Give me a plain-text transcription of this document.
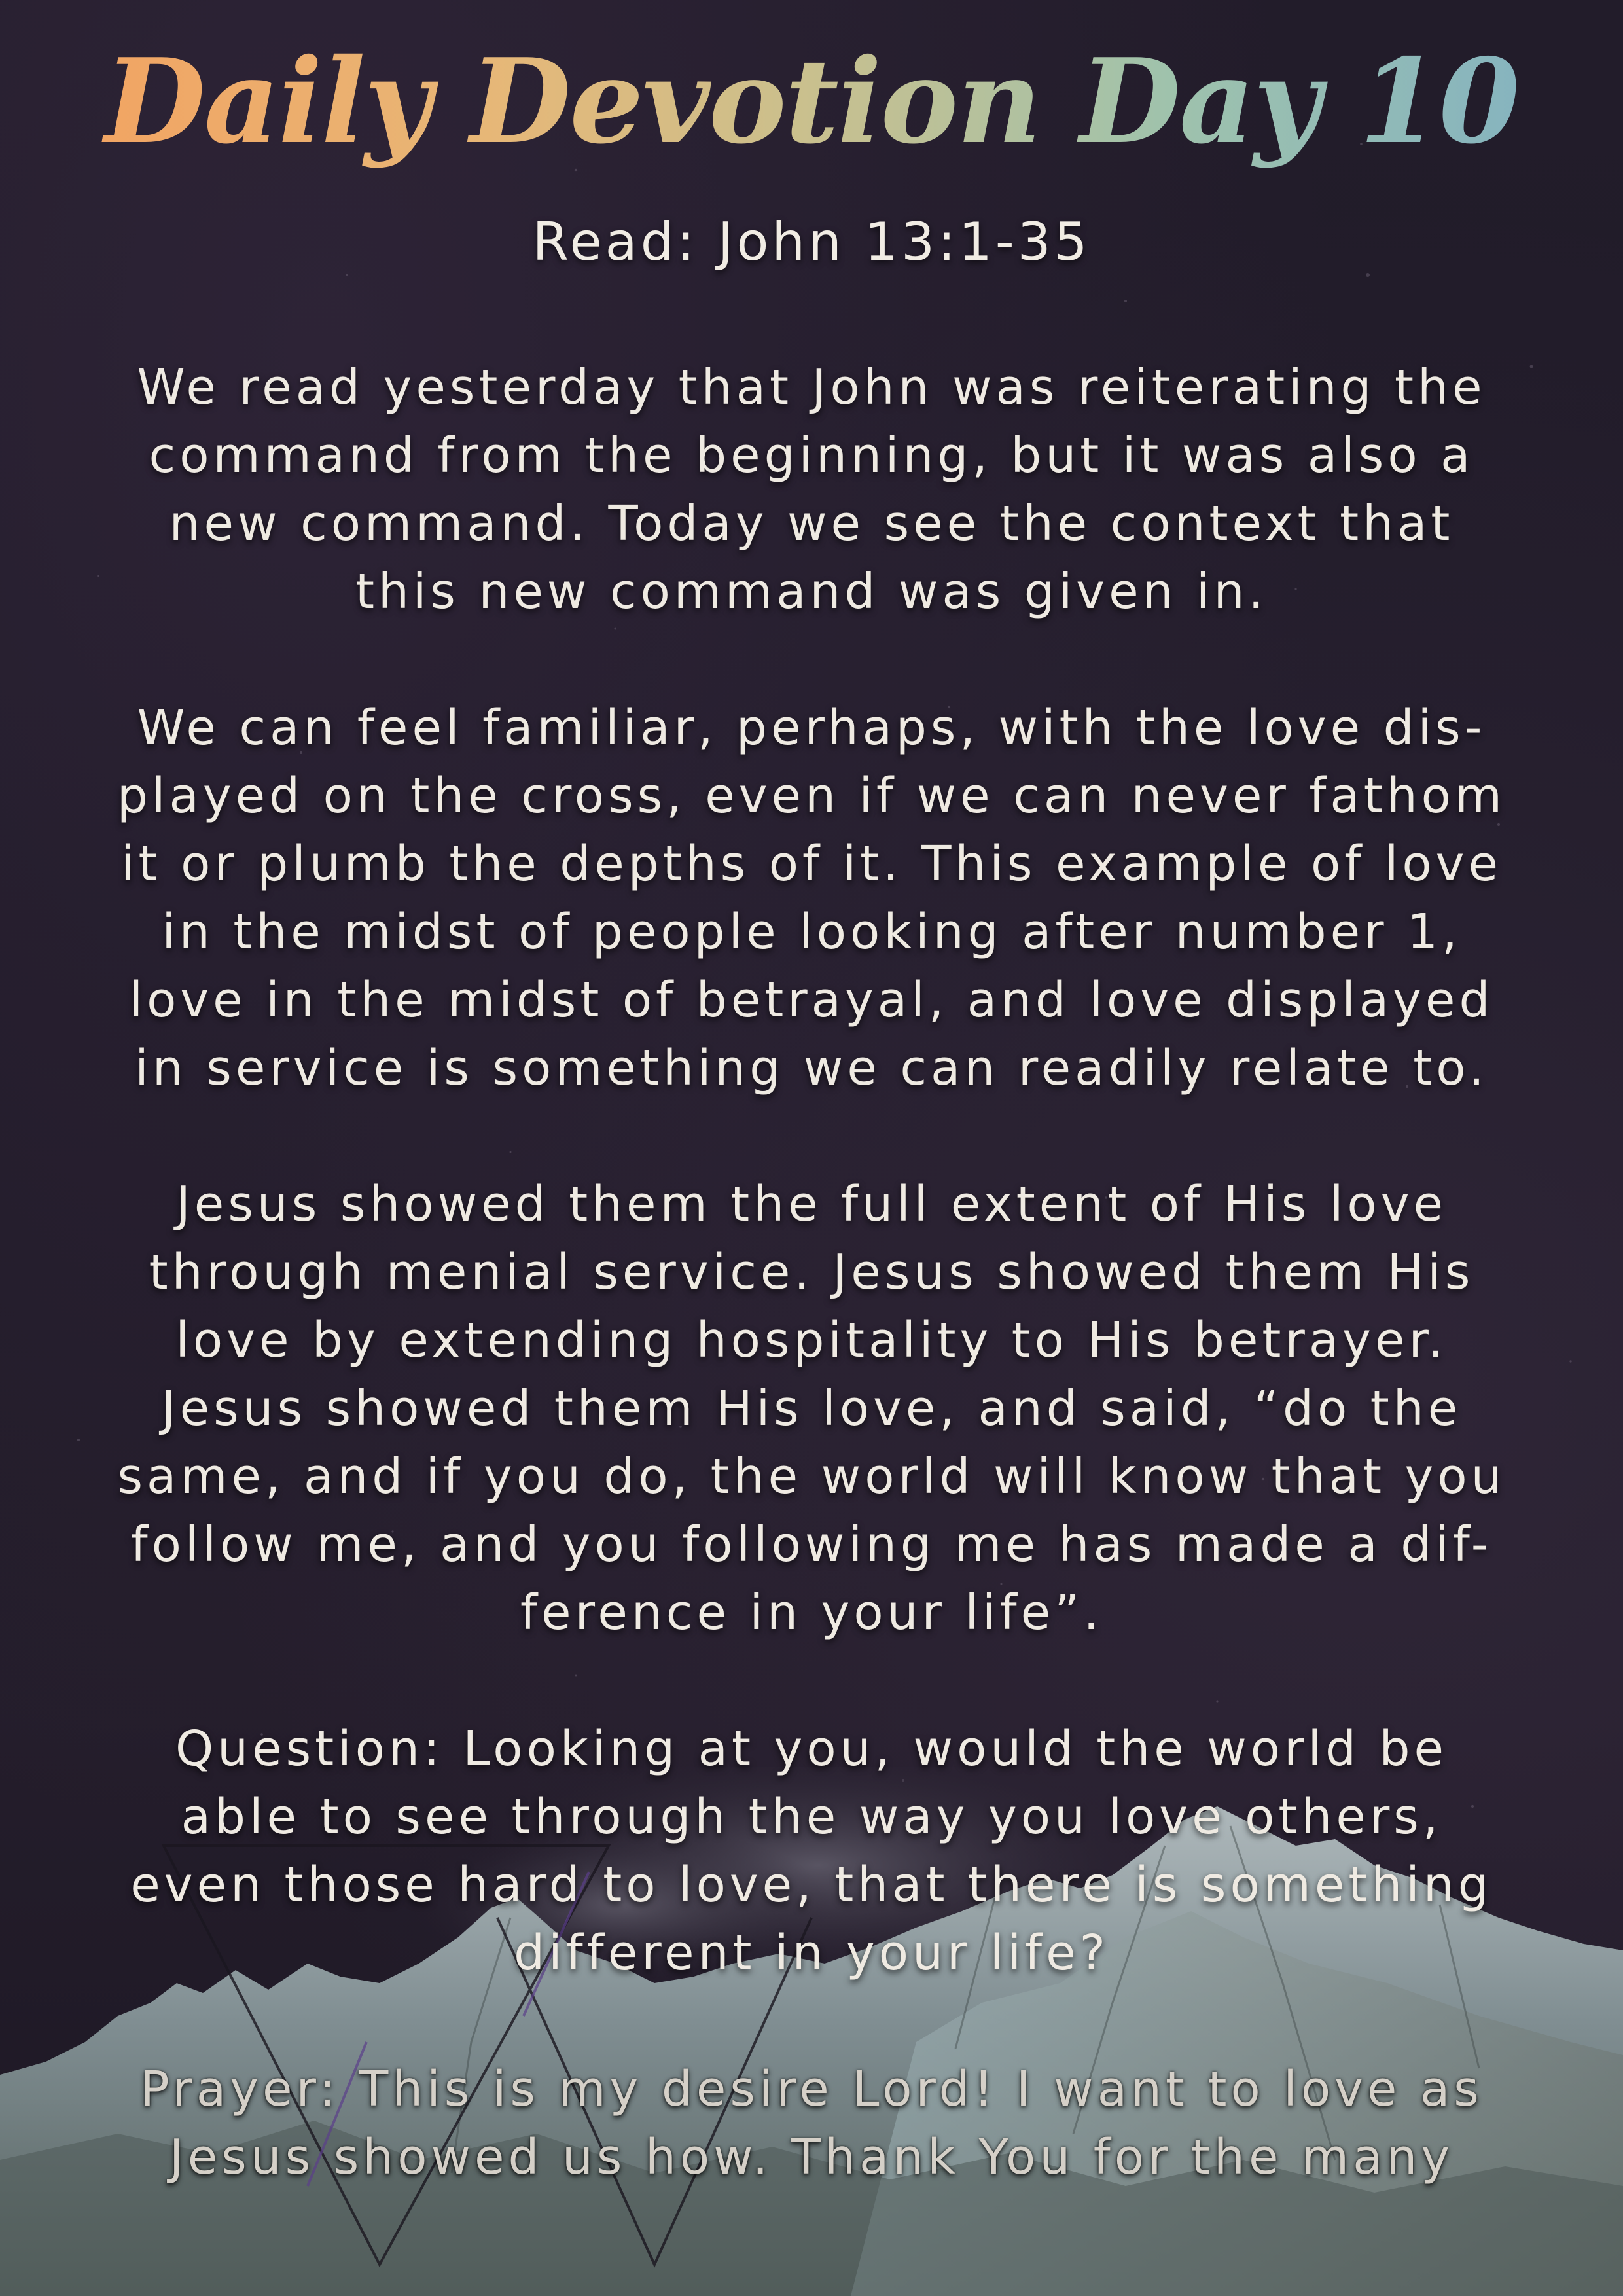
Daily Devotion Day 10
Read: John 13:1-35
We read yesterday that John was reiterating the
command from the beginning, but it was also a
new command. Today we see the context that
this new command was given in.
We can feel familiar, perhaps, with the love dis-
played on the cross, even if we can never fathom
it or plumb the depths of it. This example of love
in the midst of people looking after number 1,
love in the midst of betrayal, and love displayed
in service is something we can readily relate to.
Jesus showed them the full extent of His love
through menial service. Jesus showed them His
love by extending hospitality to His betrayer.
Jesus showed them His love, and said, “do the
same, and if you do, the world will know that you
follow me, and you following me has made a dif-
ference in your life”.
Question: Looking at you, would the world be
able to see through the way you love others,
even those hard to love, that there is something
different in your life?
Prayer: This is my desire Lord! I want to love as
Jesus showed us how. Thank You for the many
